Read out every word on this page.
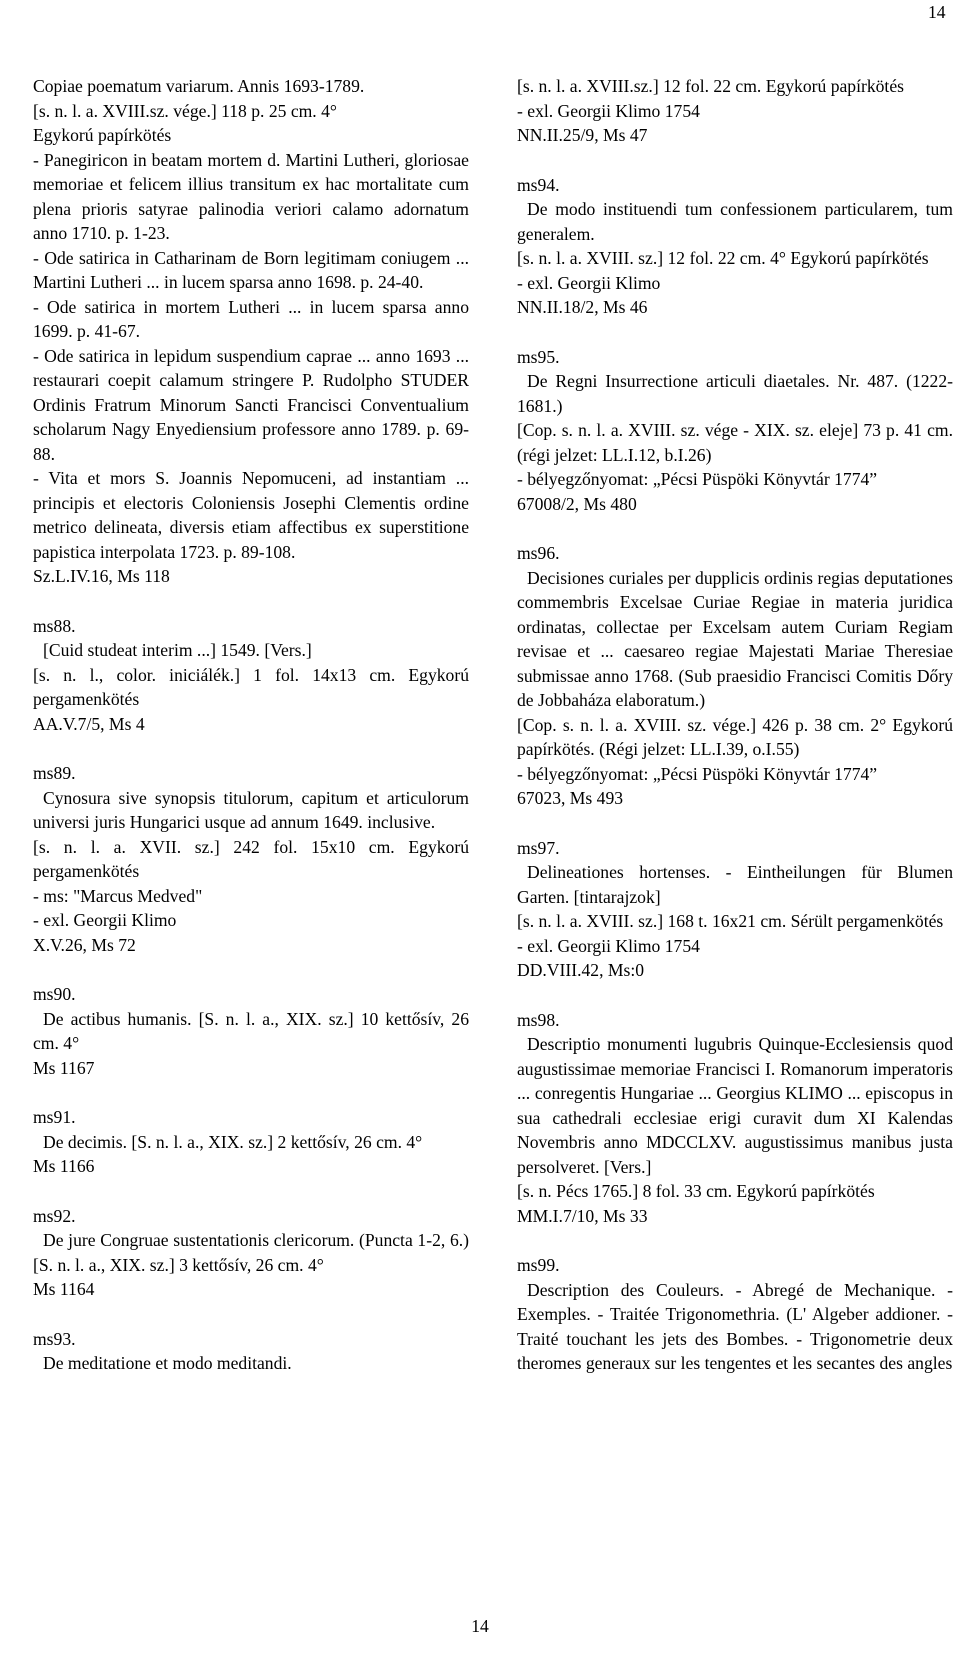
14
Copiae poematum variarum. Annis 1693-1789.
[s. n. l. a. XVIII.sz. vége.] 118 p. 25 cm. 4°
Egykorú papírkötés
- Panegiricon in beatam mortem d. Martini Lutheri, gloriosae memoriae et felicem illius transitum ex hac mortalitate cum plena prioris satyrae palinodia veriori calamo adornatum anno 1710. p. 1-23.
- Ode satirica in Catharinam de Born legitimam coniugem ... Martini Lutheri ... in lucem sparsa anno 1698. p. 24-40.
- Ode satirica in mortem Lutheri ... in lucem sparsa anno 1699. p. 41-67.
- Ode satirica in lepidum suspendium caprae ... anno 1693 ... restaurari coepit calamum stringere P. Rudolpho STUDER Ordinis Fratrum Minorum Sancti Francisci Conventualium scholarum Nagy Enyediensium professore anno 1789. p. 69-88.
- Vita et mors S. Joannis Nepomuceni, ad instantiam ... principis et electoris Coloniensis Josephi Clementis ordine metrico delineata, diversis etiam affectibus ex superstitione papistica interpolata 1723. p. 89-108.
Sz.L.IV.16, Ms 118
ms88.
[Cuid studeat interim ...] 1549. [Vers.]
[s. n. l., color. iniciálék.] 1 fol. 14x13 cm. Egykorú pergamenkötés
AA.V.7/5, Ms 4
ms89.
Cynosura sive synopsis titulorum, capitum et articulorum universi juris Hungarici usque ad annum 1649. inclusive.
[s. n. l. a. XVII. sz.] 242 fol. 15x10 cm. Egykorú pergamenkötés
- ms: "Marcus Medved"
- exl. Georgii Klimo
X.V.26, Ms 72
ms90.
De actibus humanis. [S. n. l. a., XIX. sz.] 10 kettősív, 26 cm. 4°
Ms 1167
ms91.
De decimis. [S. n. l. a., XIX. sz.] 2 kettősív, 26 cm. 4°
Ms 1166
ms92.
De jure Congruae sustentationis clericorum. (Puncta 1-2, 6.) [S. n. l. a., XIX. sz.] 3 kettősív, 26 cm. 4°
Ms 1164
ms93.
De meditatione et modo meditandi.
[s. n. l. a. XVIII.sz.] 12 fol. 22 cm. Egykorú papírkötés
- exl. Georgii Klimo 1754
NN.II.25/9, Ms 47
ms94.
De modo instituendi tum confessionem particularem, tum generalem.
[s. n. l. a. XVIII. sz.] 12 fol. 22 cm. 4° Egykorú papírkötés
- exl. Georgii Klimo
NN.II.18/2, Ms 46
ms95.
De Regni Insurrectione articuli diaetales. Nr. 487. (1222-1681.)
[Cop. s. n. l. a. XVIII. sz. vége - XIX. sz. eleje] 73 p. 41 cm. (régi jelzet: LL.I.12, b.I.26)
- bélyegzőnyomat: „Pécsi Püspöki Könyvtár 1774”
67008/2, Ms 480
ms96.
Decisiones curiales per dupplicis ordinis regias deputationes commembris Excelsae Curiae Regiae in materia juridica ordinatas, collectae per Excelsam autem Curiam Regiam revisae et ... caesareo regiae Majestati Mariae Theresiae submissae anno 1768. (Sub praesidio Francisci Comitis Dőry de Jobbaháza elaboratum.)
[Cop. s. n. l. a. XVIII. sz. vége.] 426 p. 38 cm. 2° Egykorú papírkötés. (Régi jelzet: LL.I.39, o.I.55)
- bélyegzőnyomat: „Pécsi Püspöki Könyvtár 1774”
67023, Ms 493
ms97.
Delineationes hortenses. - Eintheilungen für Blumen Garten. [tintarajzok]
[s. n. l. a. XVIII. sz.] 168 t. 16x21 cm. Sérült pergamenkötés
- exl. Georgii Klimo 1754
DD.VIII.42, Ms:0
ms98.
Descriptio monumenti lugubris Quinque-Ecclesiensis quod augustissimae memoriae Francisci I. Romanorum imperatoris ... conregentis Hungariae ... Georgius KLIMO ... episcopus in sua cathedrali ecclesiae erigi curavit dum XI Kalendas Novembris anno MDCCLXV. augustissimus manibus justa persolveret. [Vers.]
[s. n. Pécs 1765.] 8 fol. 33 cm. Egykorú papírkötés
MM.I.7/10, Ms 33
ms99.
Description des Couleurs. - Abregé de Mechanique. - Exemples. - Traitée Trigonomethria. (L' Algeber addioner. - Traité touchant les jets des Bombes. - Trigonometrie deux theromes generaux sur les tengentes et les secantes des angles
14
